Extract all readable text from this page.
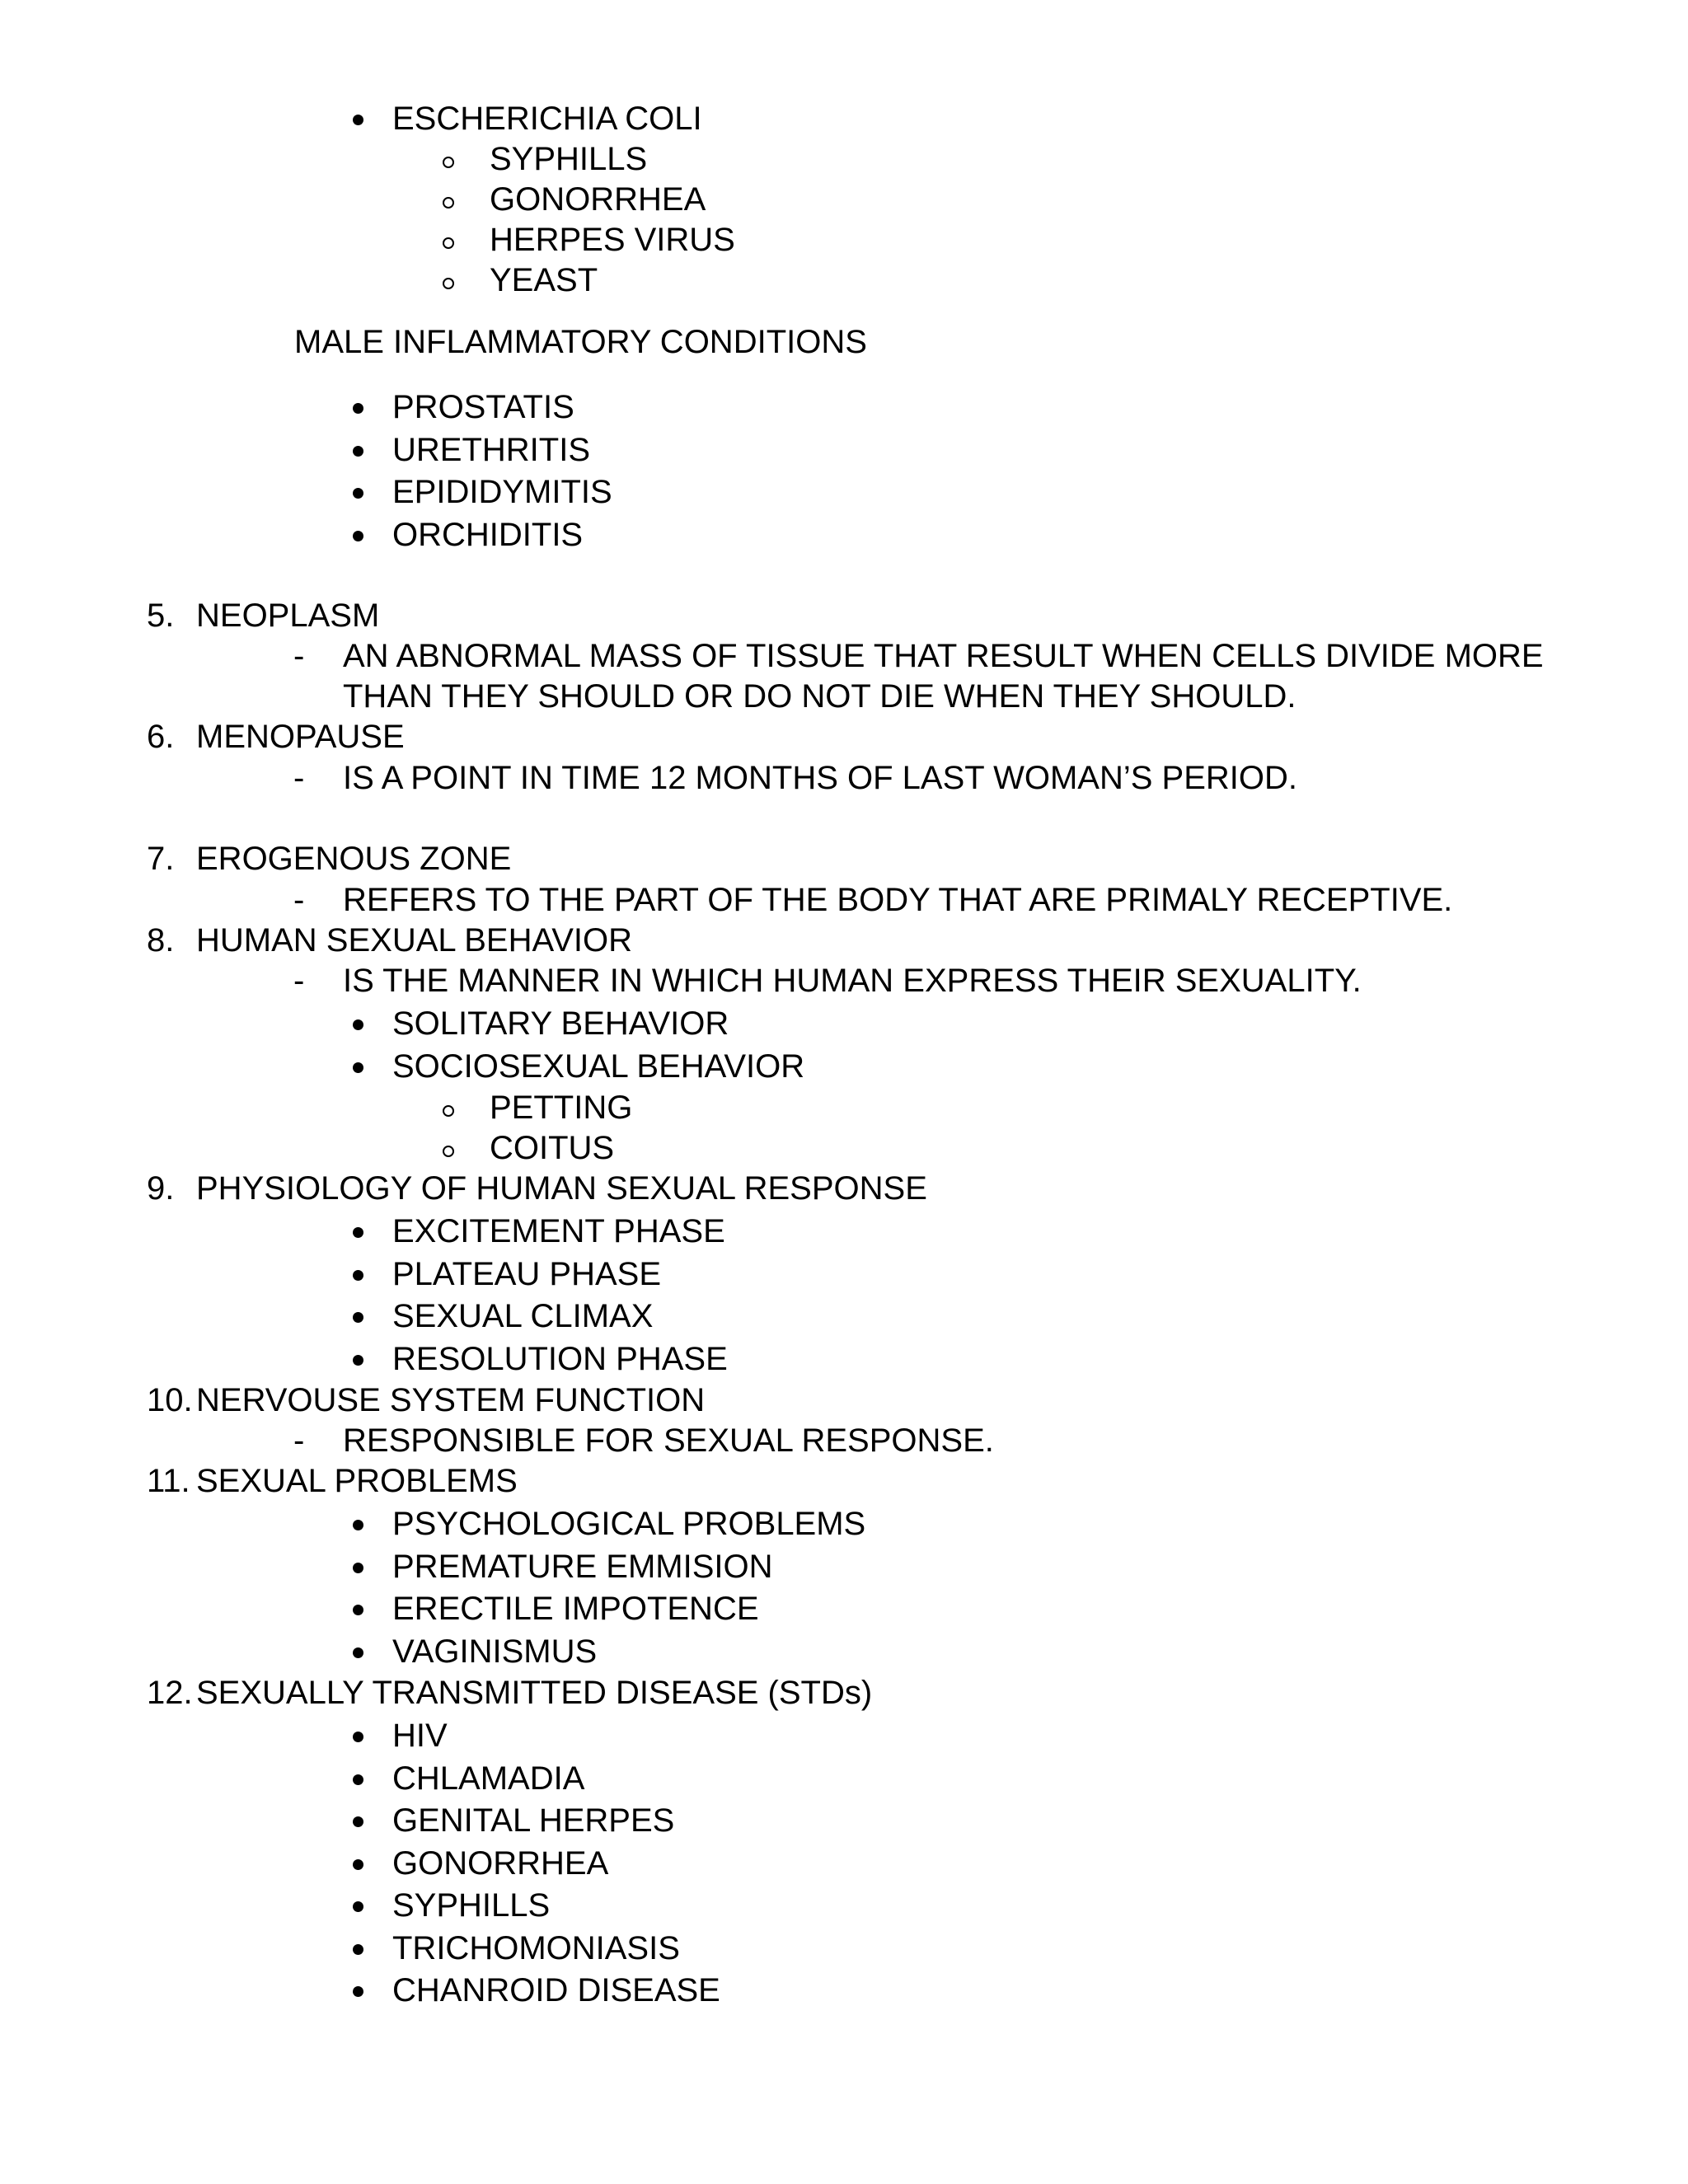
ESCHERICHIA COLI
SYPHILLS
GONORRHEA
HERPES VIRUS
YEAST
MALE INFLAMMATORY CONDITIONS
PROSTATIS
URETHRITIS
EPIDIDYMITIS
ORCHIDITIS
5. NEOPLASM
- AN ABNORMAL MASS OF TISSUE THAT RESULT WHEN CELLS DIVIDE MORE
THAN THEY SHOULD OR DO NOT DIE WHEN THEY SHOULD.
6. MENOPAUSE
- IS A POINT IN TIME 12 MONTHS OF LAST WOMAN’S PERIOD.
7. EROGENOUS ZONE
- REFERS TO THE PART OF THE BODY THAT ARE PRIMALY RECEPTIVE.
8. HUMAN SEXUAL BEHAVIOR
- IS THE MANNER IN WHICH HUMAN EXPRESS THEIR SEXUALITY.
SOLITARY BEHAVIOR
SOCIOSEXUAL BEHAVIOR
PETTING
COITUS
9. PHYSIOLOGY OF HUMAN SEXUAL RESPONSE
EXCITEMENT PHASE
PLATEAU PHASE
SEXUAL CLIMAX
RESOLUTION PHASE
10. NERVOUSE SYSTEM FUNCTION
- RESPONSIBLE FOR SEXUAL RESPONSE.
11. SEXUAL PROBLEMS
PSYCHOLOGICAL PROBLEMS
PREMATURE EMMISION
ERECTILE IMPOTENCE
VAGINISMUS
12. SEXUALLY TRANSMITTED DISEASE (STDs)
HIV
CHLAMADIA
GENITAL HERPES
GONORRHEA
SYPHILLS
TRICHOMONIASIS
CHANROID DISEASE
